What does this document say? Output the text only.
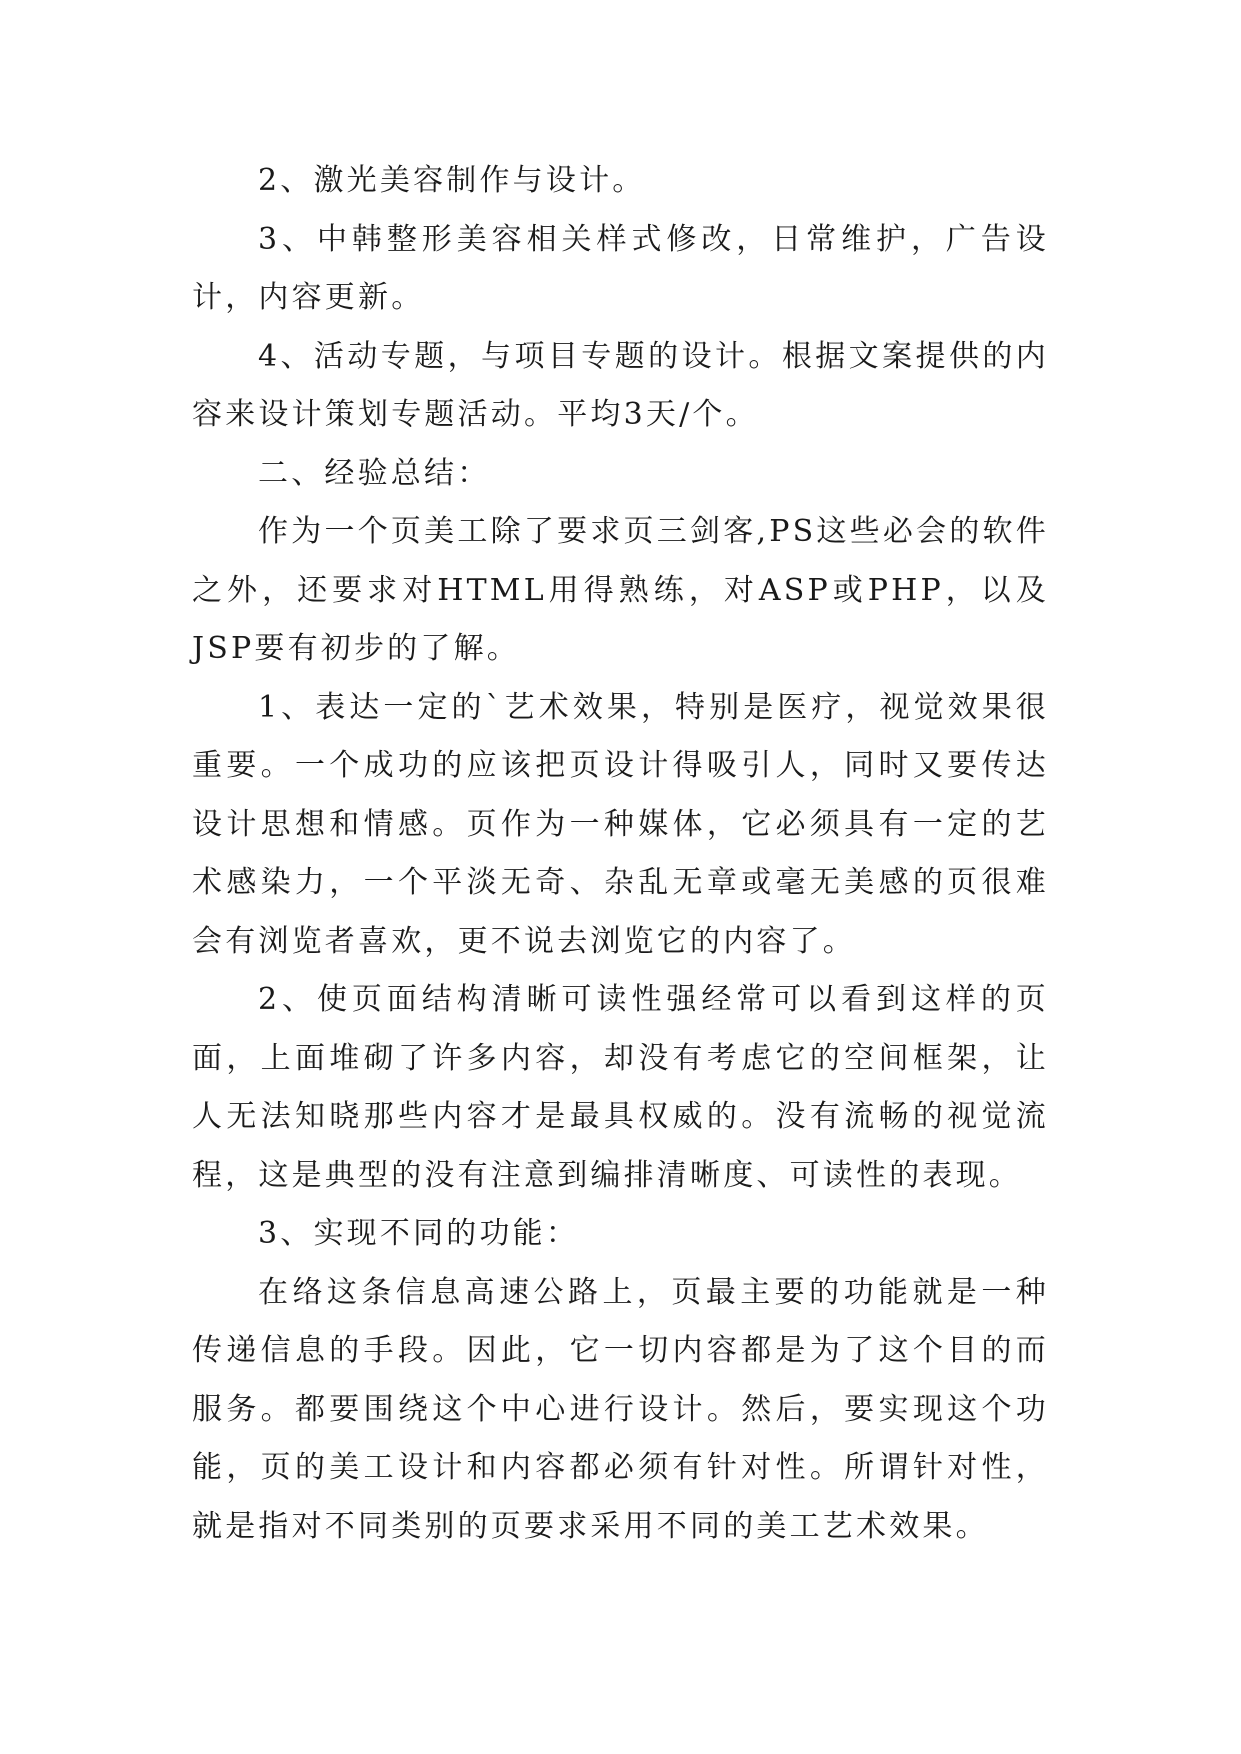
2、激光美容制作与设计。

3、中韩整形美容相关样式修改，日常维护，广告设计，内容更新。

4、活动专题，与项目专题的设计。根据文案提供的内容来设计策划专题活动。平均3天/个。

二、经验总结：

作为一个页美工除了要求页三剑客,PS这些必会的软件之外，还要求对HTML用得熟练，对ASP或PHP，以及JSP要有初步的了解。

1、表达一定的`艺术效果，特别是医疗，视觉效果很重要。一个成功的应该把页设计得吸引人，同时又要传达设计思想和情感。页作为一种媒体，它必须具有一定的艺术感染力，一个平淡无奇、杂乱无章或毫无美感的页很难会有浏览者喜欢，更不说去浏览它的内容了。

2、使页面结构清晰可读性强经常可以看到这样的页面，上面堆砌了许多内容，却没有考虑它的空间框架，让人无法知晓那些内容才是最具权威的。没有流畅的视觉流程，这是典型的没有注意到编排清晰度、可读性的表现。

3、实现不同的功能：

在络这条信息高速公路上，页最主要的功能就是一种传递信息的手段。因此，它一切内容都是为了这个目的而服务。都要围绕这个中心进行设计。然后，要实现这个功能，页的美工设计和内容都必须有针对性。所谓针对性，就是指对不同类别的页要求采用不同的美工艺术效果。
